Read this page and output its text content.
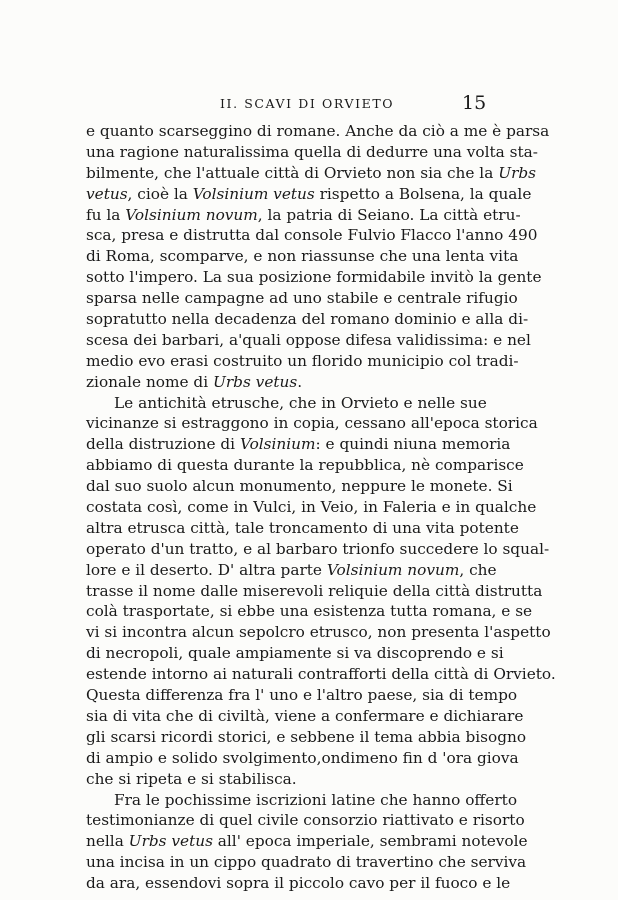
II. SCAVI DI ORVIETO	15
e quanto scarseggino di romane. Anche da ciò a me è parsa
una ragione naturalissima quella di dedurre una volta sta-
bilmente, che l'attuale città di Orvieto non sia che la Urbs
vetus, cioè la Volsinium vetus rispetto a Bolsena, la quale
fu la Volsinium novum, la patria di Seiano. La città etru-
sca, presa e distrutta dal console Fulvio Flacco l'anno 490
di Roma, scomparve, e non riassunse che una lenta vita
sotto l'impero. La sua posizione formidabile invitò la gente
sparsa nelle campagne ad uno stabile e centrale rifugio
sopratutto nella decadenza del romano dominio e alla di-
scesa dei barbari, a'quali oppose difesa validissima: e nel
medio evo erasi costruito un florido municipio col tradi-
zionale nome di Urbs vetus.
Le antichità etrusche, che in Orvieto e nelle sue
vicinanze si estraggono in copia, cessano all'epoca storica
della distruzione di Volsinium: e quindi niuna memoria
abbiamo di questa durante la repubblica, nè comparisce
dal suo suolo alcun monumento, neppure le monete. Si
costata così, come in Vulci, in Veio, in Faleria e in qualche
altra etrusca città, tale troncamento di una vita potente
operato d'un tratto, e al barbaro trionfo succedere lo squal-
lore e il deserto. D' altra parte Volsinium novum, che
trasse il nome dalle miserevoli reliquie della città distrutta
colà trasportate, si ebbe una esistenza tutta romana, e se
vi si incontra alcun sepolcro etrusco, non presenta l'aspetto
di necropoli, quale ampiamente si va discoprendo e si
estende intorno ai naturali contrafforti della città di Orvieto.
Questa differenza fra l' uno e l'altro paese, sia di tempo
sia di vita che di civiltà, viene a confermare e dichiarare
gli scarsi ricordi storici, e sebbene il tema abbia bisogno
di ampio e solido svolgimento,ondimeno fin d 'ora giova
che si ripeta e si stabilisca.
Fra le pochissime iscrizioni latine che hanno offerto
testimonianze di quel civile consorzio riattivato e risorto
nella Urbs vetus all' epoca imperiale, sembrami notevole
una incisa in un cippo quadrato di travertino che serviva
da ara, essendovi sopra il piccolo cavo per il fuoco e le
